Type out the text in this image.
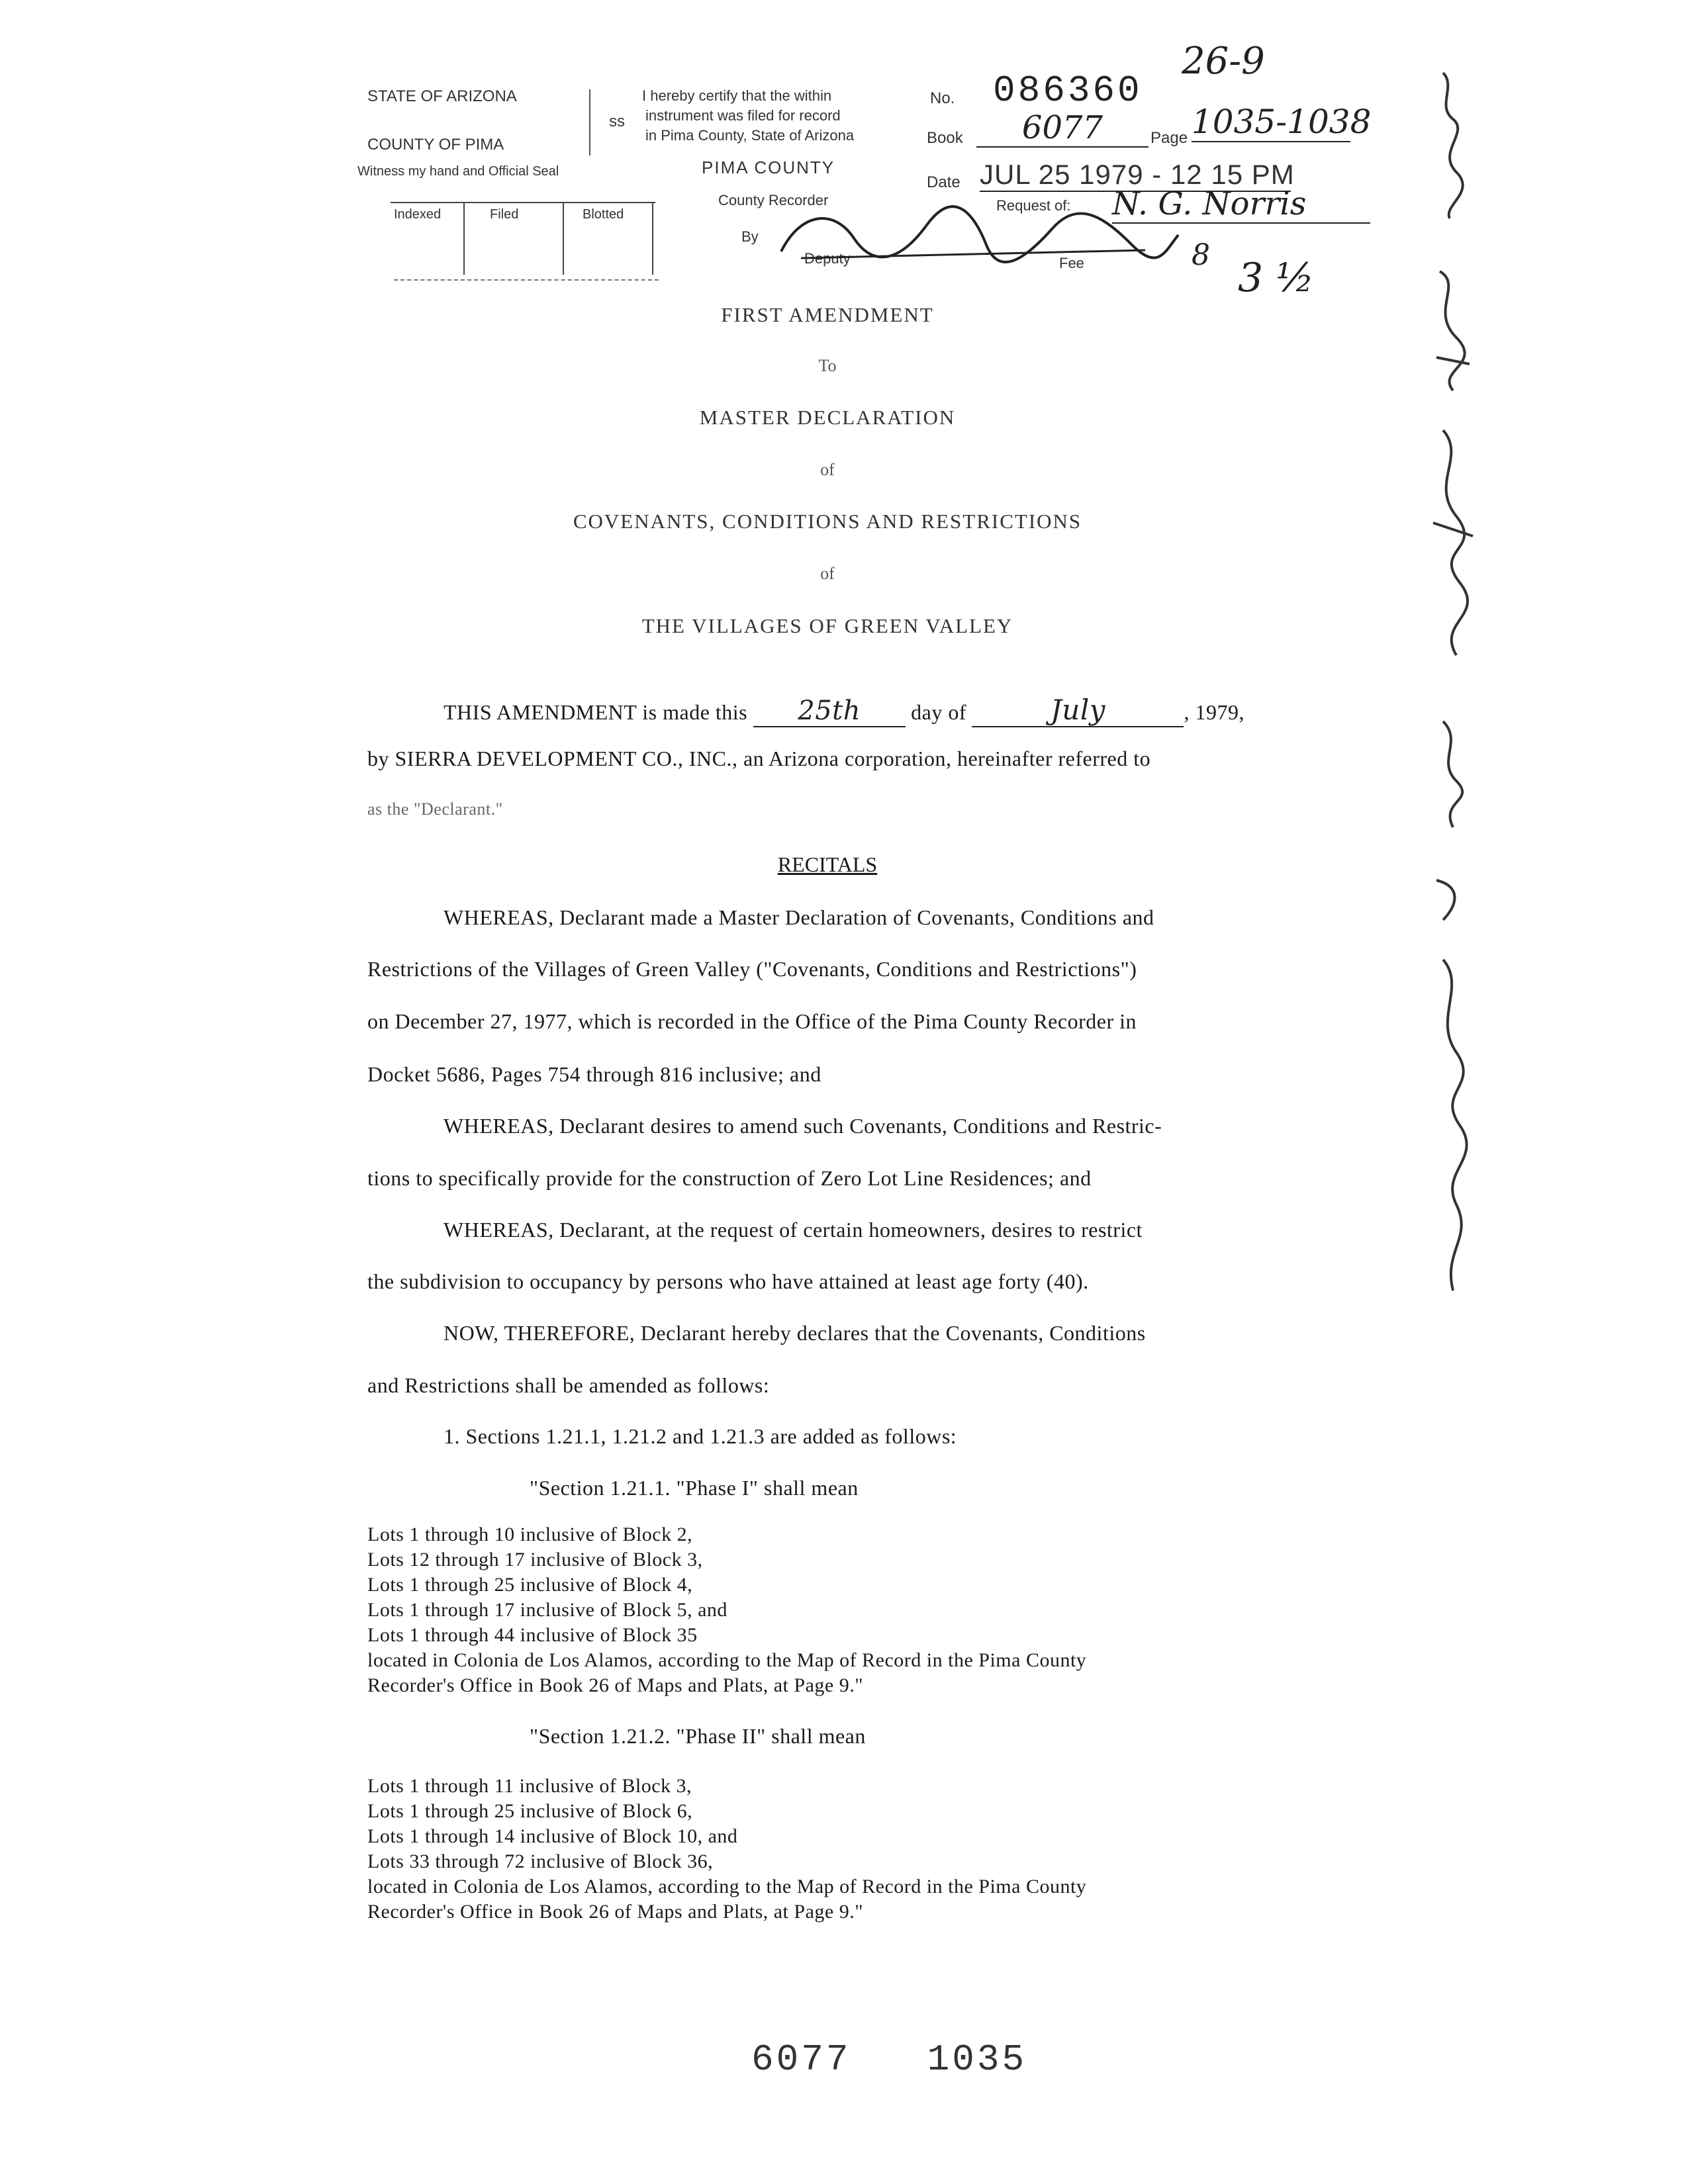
STATE OF ARIZONA
COUNTY OF PIMA
ss
Witness my hand and Official Seal
I hereby certify that the within
instrument was filed for record
in Pima County, State of Arizona
PIMA COUNTY
County Recorder
By
Deputy
Indexed	Filed	Blotted
No. 086360
26-9
Book	6077	Page 1035-1038
Date JUL 25 1979 - 12 15 PM
Request of: N. G. Norris
Fee	8 3 ½
FIRST AMENDMENT
To
MASTER DECLARATION
of
COVENANTS, CONDITIONS AND RESTRICTIONS
of
THE VILLAGES OF GREEN VALLEY
THIS AMENDMENT is made this 25th day of	July	, 1979,
by SIERRA DEVELOPMENT CO., INC., an Arizona corporation, hereinafter referred to
as the "Declarant."
RECITALS
WHEREAS, Declarant made a Master Declaration of Covenants, Conditions and
Restrictions of the Villages of Green Valley ("Covenants, Conditions and Restrictions")
on December 27, 1977, which is recorded in the Office of the Pima County Recorder in
Docket 5686, Pages 754 through 816 inclusive; and
WHEREAS, Declarant desires to amend such Covenants, Conditions and Restric-
tions to specifically provide for the construction of Zero Lot Line Residences; and
WHEREAS, Declarant, at the request of certain homeowners, desires to restrict
the subdivision to occupancy by persons who have attained at least age forty (40).
NOW, THEREFORE, Declarant hereby declares that the Covenants, Conditions
and Restrictions shall be amended as follows:
1. Sections 1.21.1, 1.21.2 and 1.21.3 are added as follows:
"Section 1.21.1. "Phase I" shall mean
Lots 1 through 10 inclusive of Block 2,
Lots 12 through 17 inclusive of Block 3,
Lots 1 through 25 inclusive of Block 4,
Lots 1 through 17 inclusive of Block 5, and
Lots 1 through 44 inclusive of Block 35
located in Colonia de Los Alamos, according to the Map of Record in the Pima County
Recorder's Office in Book 26 of Maps and Plats, at Page 9."
"Section 1.21.2. "Phase II" shall mean
Lots 1 through 11 inclusive of Block 3,
Lots 1 through 25 inclusive of Block 6,
Lots 1 through 14 inclusive of Block 10, and
Lots 33 through 72 inclusive of Block 36,
located in Colonia de Los Alamos, according to the Map of Record in the Pima County
Recorder's Office in Book 26 of Maps and Plats, at Page 9."
6077 1035
